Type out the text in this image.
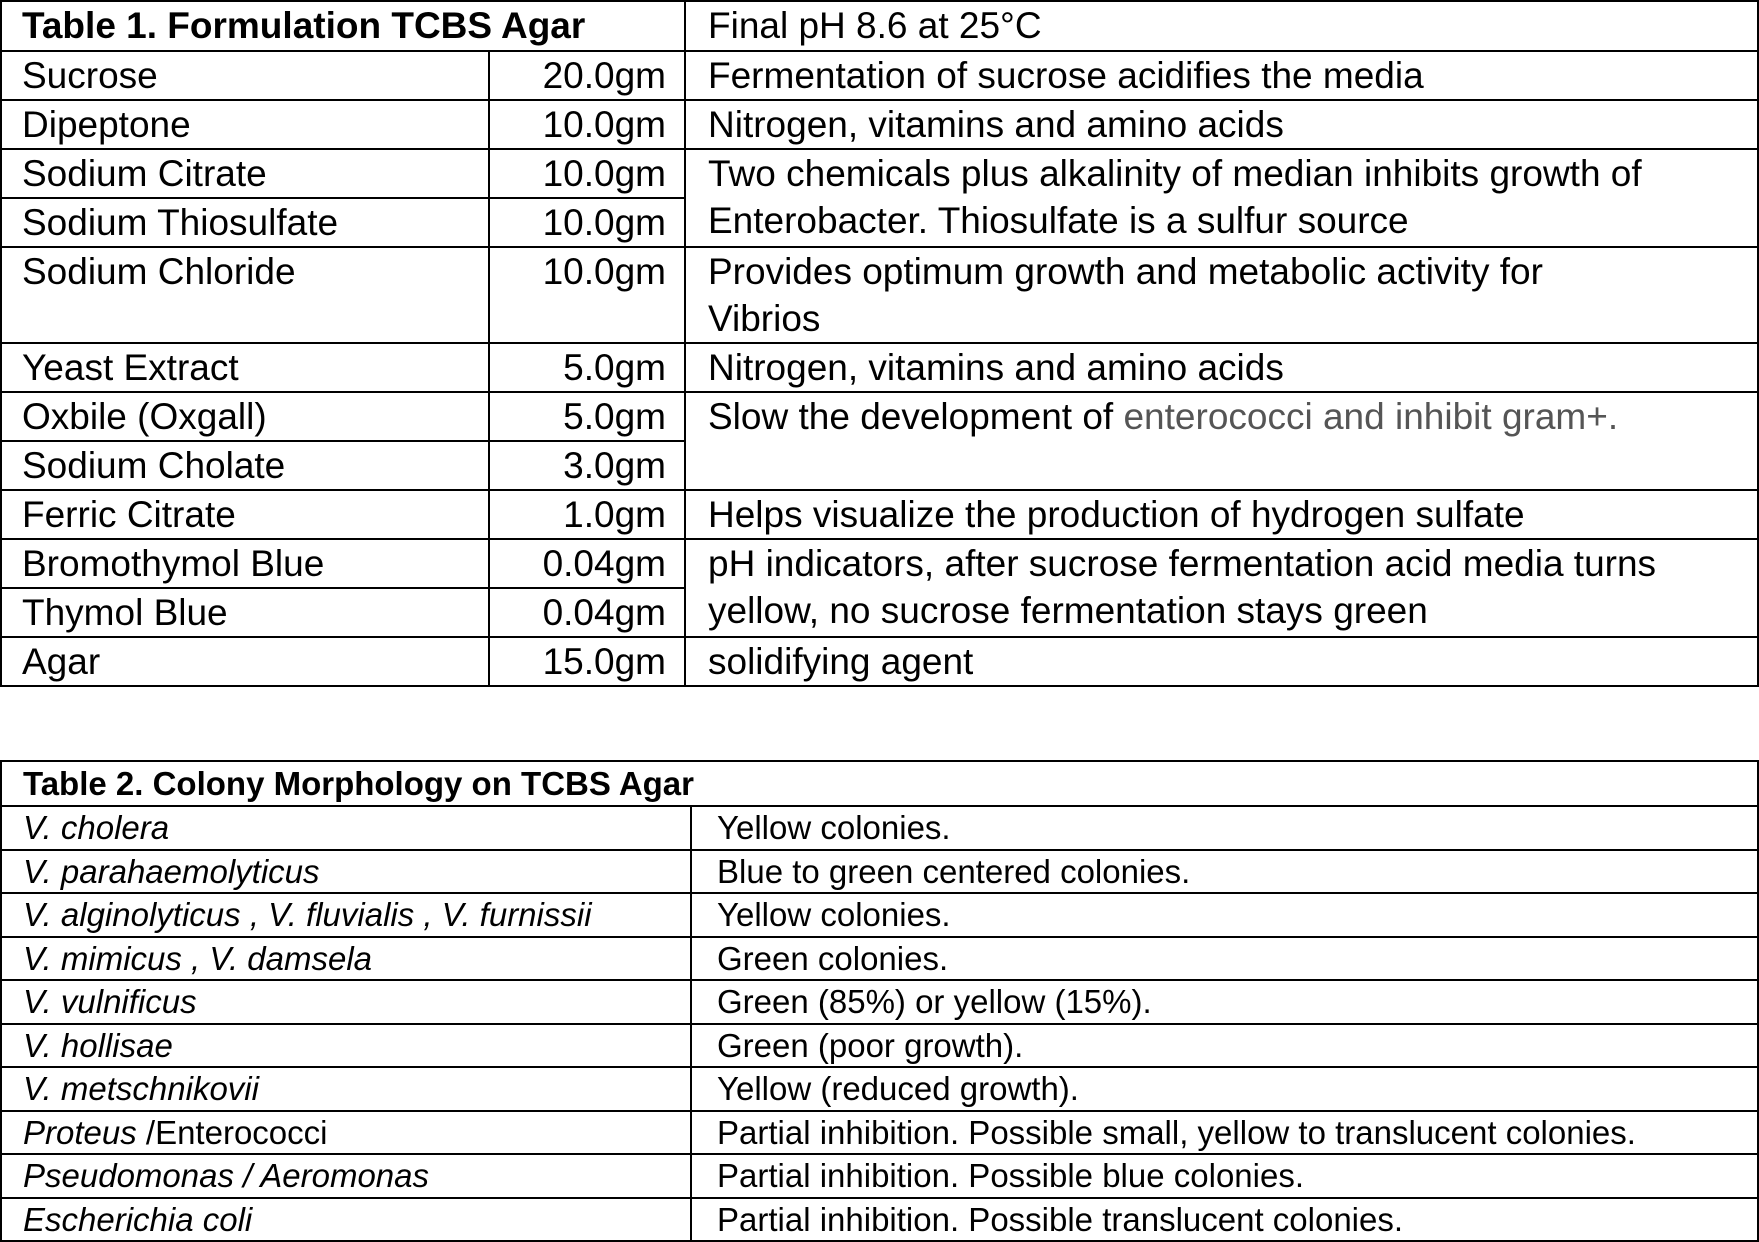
Table 1. Formulation TCBS Agar		Final pH 8.6 at 25°C
Sucrose	20.0gm	Fermentation of sucrose acidifies the media
Dipeptone	10.0gm	Nitrogen, vitamins and amino acids
Sodium Citrate	10.0gm	Two chemicals plus alkalinity of median inhibits growth of
Enterobacter. Thiosulfate is a sulfur source

Sodium Thiosulfate	10.0gm	
Sodium Chloride	10.0gm	Provides optimum growth and metabolic activity for
Vibrios

Yeast Extract	5.0gm	Nitrogen, vitamins and amino acids
Oxbile (Oxgall)	5.0gm	Slow the development of enterococci and inhibit gram+.
Sodium Cholate	3.0gm	
Ferric Citrate	1.0gm	Helps visualize the production of hydrogen sulfate
Bromothymol Blue	0.04gm	pH indicators, after sucrose fermentation acid media turns
yellow, no sucrose fermentation stays green

Thymol Blue	0.04gm	
Agar	15.0gm	solidifying agent
Table 2. Colony Morphology on TCBS Agar	
V. cholera	Yellow colonies.
V. parahaemolyticus	Blue to green centered colonies.
V. alginolyticus , V. fluvialis , V. furnissii	Yellow colonies.
V. mimicus , V. damsela	Green colonies.
V. vulnificus	Green (85%) or yellow (15%).
V. hollisae	Green (poor growth).
V. metschnikovii	Yellow (reduced growth).
Proteus /Enterococci	Partial inhibition. Possible small, yellow to translucent colonies.
Pseudomonas / Aeromonas	Partial inhibition. Possible blue colonies.
Escherichia coli	Partial inhibition. Possible translucent colonies.
